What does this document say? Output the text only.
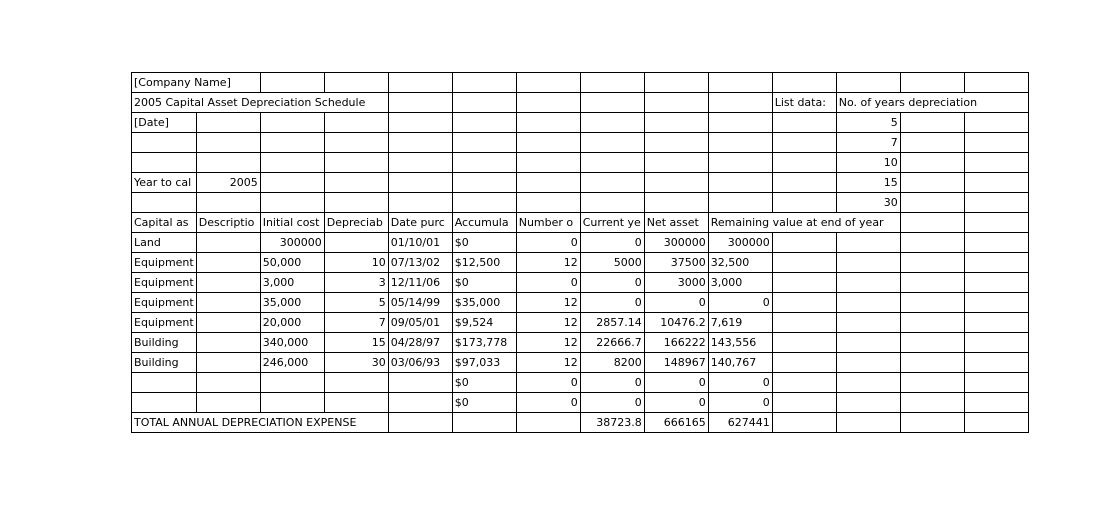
[Company Name]													
2005 Capital Asset Depreciation Schedule										List data:	No. of years depreciation		
[Date]											5		
											7		
											10		
Year to cal	2005										15		
											30		
Capital as	Descriptio	Initial cost	Depreciab	Date purc	Accumula	Number o	Current ye	Net asset	Remaining value at end of year				
Land		300000		01/10/01	$0	0	0	300000	300000				
Equipment		50,000	10	07/13/02	$12,500	12	5000	37500	32,500				
Equipment		3,000	3	12/11/06	$0	0	0	3000	3,000				
Equipment		35,000	5	05/14/99	$35,000	12	0	0	0				
Equipment		20,000	7	09/05/01	$9,524	12	2857.14	10476.2	7,619				
Building		340,000	15	04/28/97	$173,778	12	22666.7	166222	143,556				
Building		246,000	30	03/06/93	$97,033	12	8200	148967	140,767				
					$0	0	0	0	0				
					$0	0	0	0	0				
TOTAL ANNUAL DEPRECIATION EXPENSE							38723.8	666165	627441				
